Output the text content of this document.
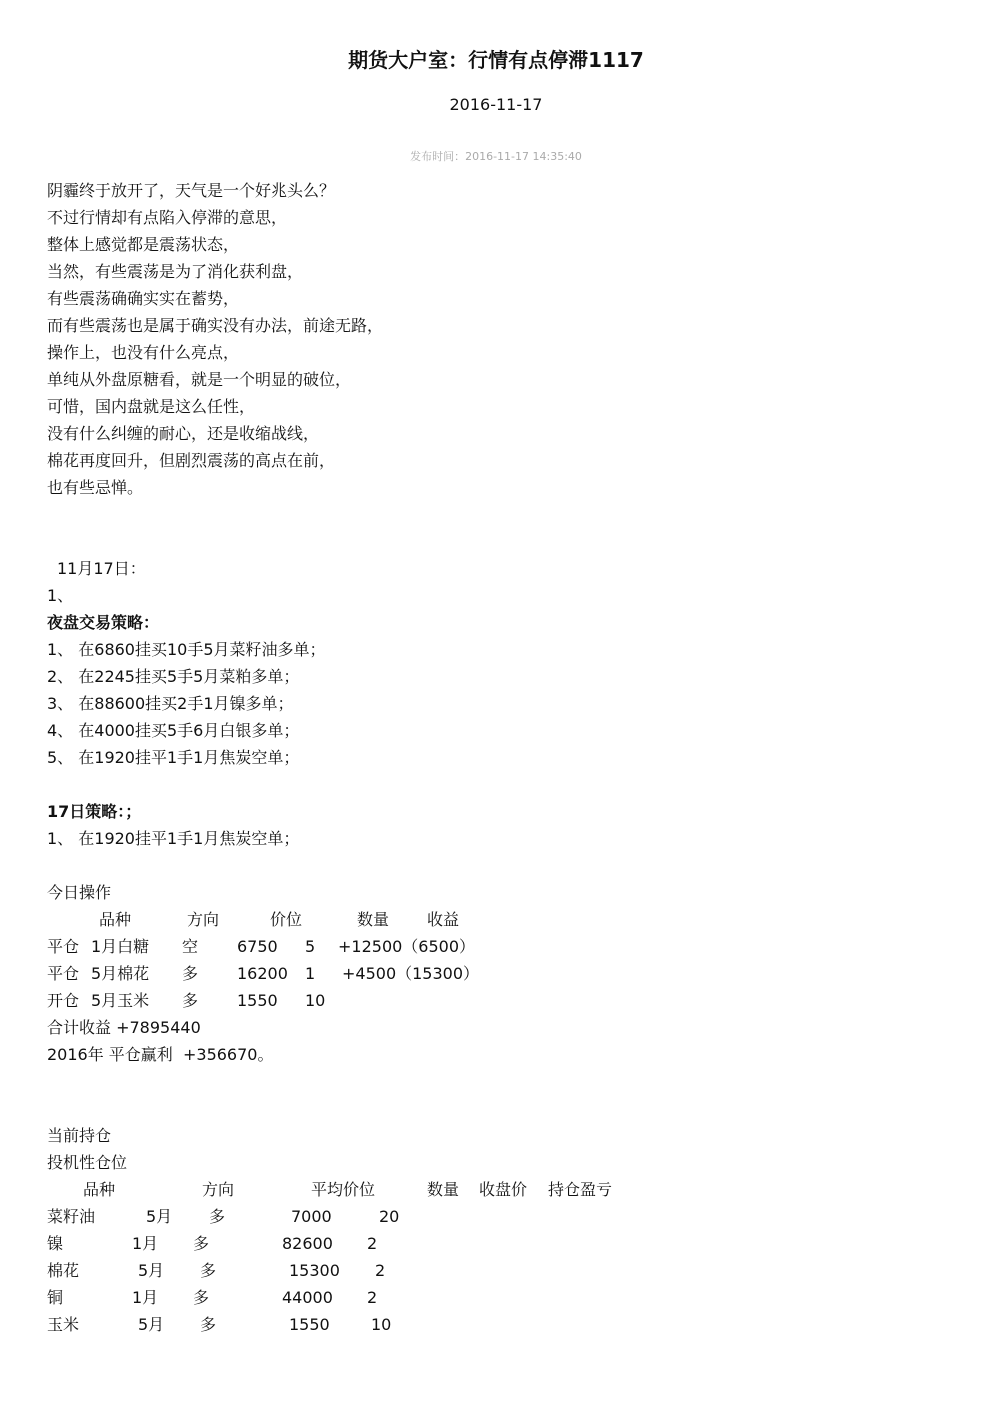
期货大户室：行情有点停滞1117
2016-11-17
发布时间：2016-11-17 14:35:40
阴霾终于放开了，天气是一个好兆头么？
不过行情却有点陷入停滞的意思，
整体上感觉都是震荡状态，
当然，有些震荡是为了消化获利盘，
有些震荡确确实实在蓄势，
而有些震荡也是属于确实没有办法，前途无路，
操作上，也没有什么亮点，
单纯从外盘原糖看，就是一个明显的破位，
可惜，国内盘就是这么任性，
没有什么纠缠的耐心，还是收缩战线，
棉花再度回升，但剧烈震荡的高点在前，
也有些忌惮。
11月17日：
1、
夜盘交易策略：
1、 在6860挂买10手5月菜籽油多单；
2、 在2245挂买5手5月菜粕多单；
3、 在88600挂买2手1月镍多单；
4、 在4000挂买5手6月白银多单；
5、 在1920挂平1手1月焦炭空单；
17日策略：；
1、 在1920挂平1手1月焦炭空单；
今日操作
品种	方向	价位	数量 收益
平仓 1月白糖 空 6750 5 +12500（6500）
平仓 5月棉花 多 16200 1 +4500（15300）
开仓 5月玉米 多 1550 10
合计收益 +7895440
2016年 平仓赢利  +356670。
当前持仓
投机性仓位
品种	方向	平均价位	数量 收盘价 持仓盈亏
菜籽油	5月 多	7000	20
镍	1月 多	82600 2
棉花	5月 多	15300 2
铜	1月 多	44000 2
玉米	5月 多	1550	10
